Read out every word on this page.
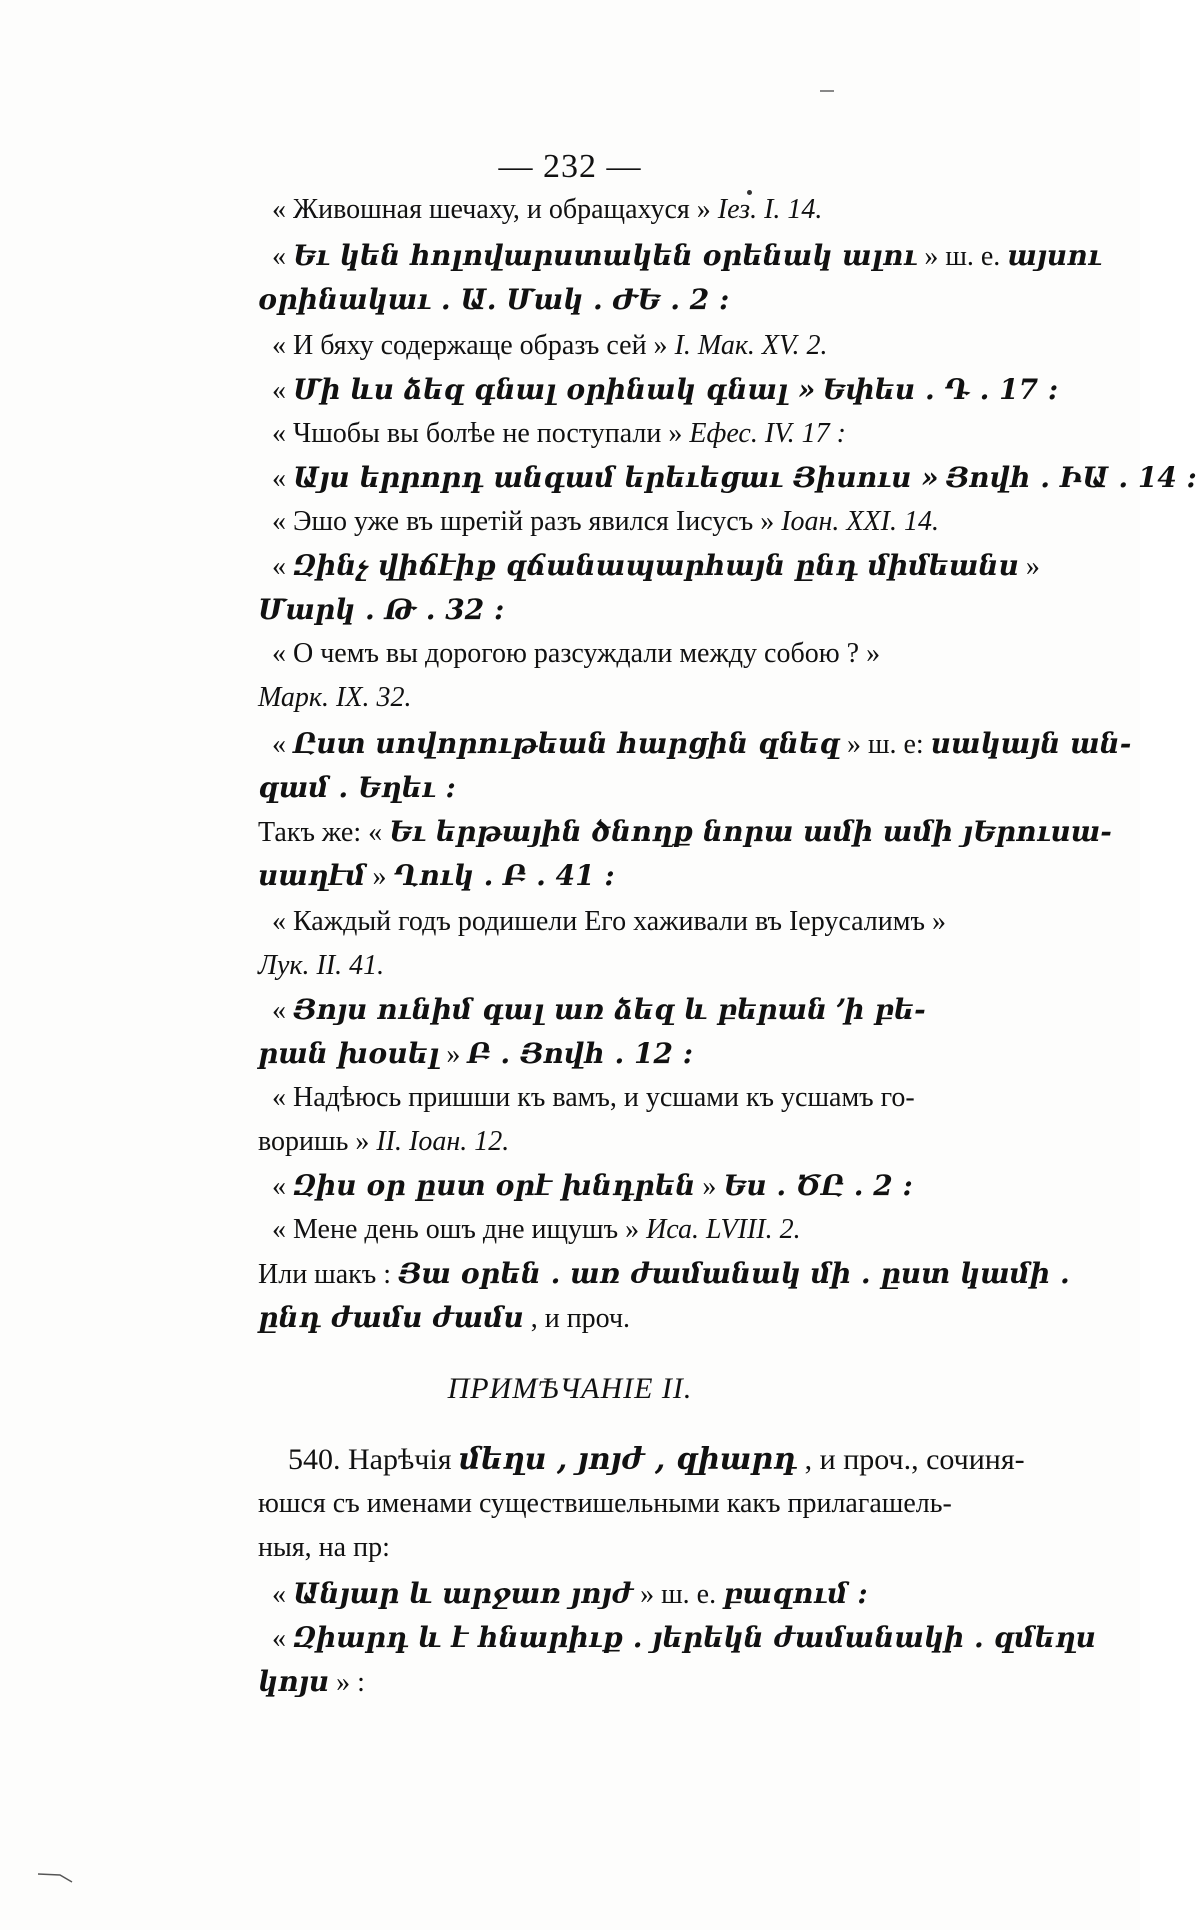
— 232 —
« Живошная шечаху, и обращахуся » Iез. I. 14.
« Եւ կեն հոլովարստակեն օրենակ ալու » ш. е. այսու
օրինակաւ . Ա. Մակ . ԺԵ . 2 :
« И бяху содержаще образъ сей » I. Мак. XV. 2.
« Մի ևս ձեզ գնալ օրինակ գնալ » Եփես . Դ . 17 :
« Чшобы вы болѣе не поступали » Ефес. IV. 17 :
« Այս երրորդ անգամ երեւեցաւ Յիսուս » Յովհ . ԻԱ . 14 :
« Эшо уже въ шретій разъ явился Iисусъ » Iоан. XXI. 14.
« Զինչ վիճէիք զճանապարհայն ընդ միմեանս »
Մարկ . Թ . 32 :
« О чемъ вы дорогою разсуждали между собою ? »
Марк. IX. 32.
« Ըստ սովորութեան հարցին զնեզ » ш. е: սակայն ան-
զամ . Եղեւ :
Такъ же: « Եւ երթային ծնողք նորա ամի ամի յԵրուսա-
սաղէմ » Ղուկ . Բ . 41 :
« Каждый годъ родишели Его хаживали въ Iерусалимъ »
Лук. II. 41.
« Յոյս ունիմ գալ առ ձեզ և բերան ՚ի բե-
րան խօսել » Բ . Յովհ . 12 :
« Надѣюсь пришши къ вамъ, и усшами къ усшамъ го-
воришь » II. Iоан. 12.
« Զիս օր ըստ օրէ խնդրեն » Ես . ԾԸ . 2 :
« Мене день ошъ дне ищушъ » Иса. LVIII. 2.
Или шакъ : Յա օրեն . առ ժամանակ մի . ըստ կամի .
ընդ ժամս ժամս , и проч.
ПРИМѢЧАНIЕ II.
540. Нарѣчія մեղս , յոյժ , զիարդ , и проч., сочиня-
юшся съ именами существишельными какъ прилагашель-
ныя, на пр:
« Անյար և արջառ յոյժ » ш. е. բազում :
« Զիարդ և է հնարիւք . յերեկն ժամանակի . զմեղս
կոյս » :
